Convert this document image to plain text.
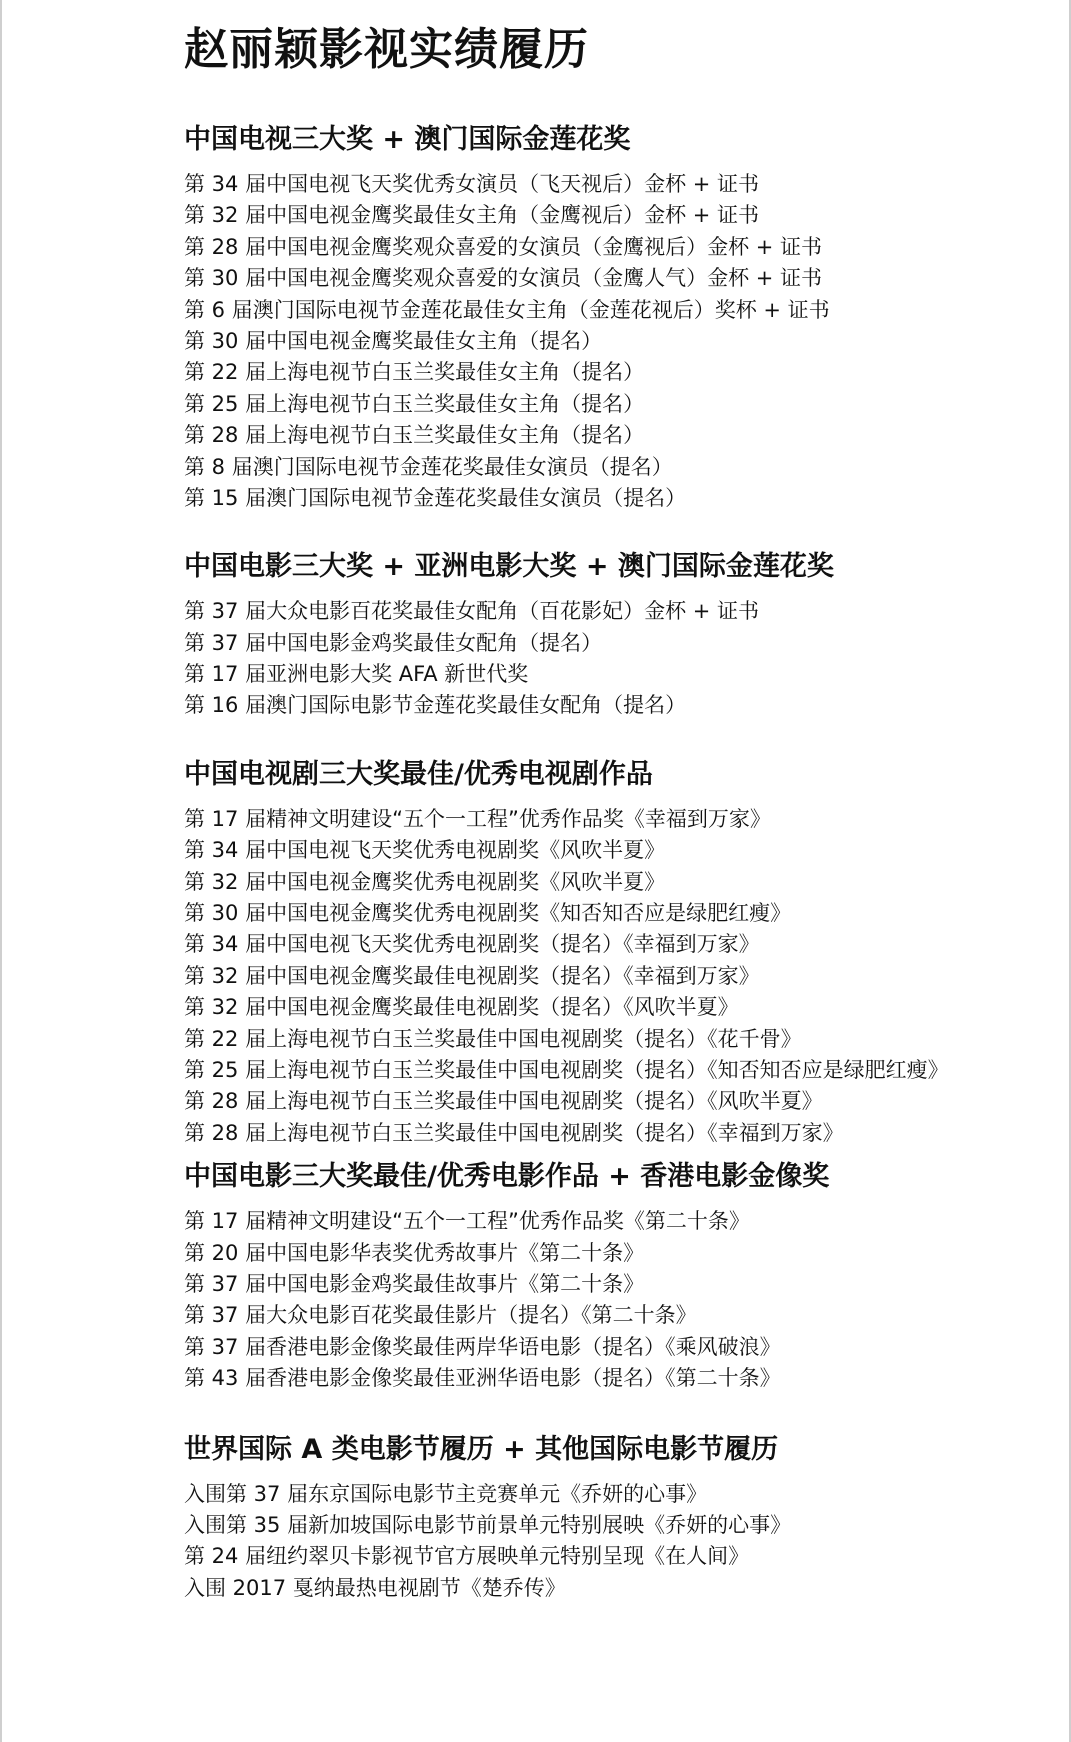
赵丽颖影视实绩履历
中国电视三大奖 + 澳门国际金莲花奖
第 34 届中国电视飞天奖优秀女演员（飞天视后）金杯 + 证书
第 32 届中国电视金鹰奖最佳女主角（金鹰视后）金杯 + 证书
第 28 届中国电视金鹰奖观众喜爱的女演员（金鹰视后）金杯 + 证书
第 30 届中国电视金鹰奖观众喜爱的女演员（金鹰人气）金杯 + 证书
第 6 届澳门国际电视节金莲花最佳女主角（金莲花视后）奖杯 + 证书
第 30 届中国电视金鹰奖最佳女主角（提名）
第 22 届上海电视节白玉兰奖最佳女主角（提名）
第 25 届上海电视节白玉兰奖最佳女主角（提名）
第 28 届上海电视节白玉兰奖最佳女主角（提名）
第 8 届澳门国际电视节金莲花奖最佳女演员（提名）
第 15 届澳门国际电视节金莲花奖最佳女演员（提名）
中国电影三大奖 + 亚洲电影大奖 + 澳门国际金莲花奖
第 37 届大众电影百花奖最佳女配角（百花影妃）金杯 + 证书
第 37 届中国电影金鸡奖最佳女配角（提名）
第 17 届亚洲电影大奖 AFA 新世代奖
第 16 届澳门国际电影节金莲花奖最佳女配角（提名）
中国电视剧三大奖最佳/优秀电视剧作品
第 17 届精神文明建设“五个一工程”优秀作品奖《幸福到万家》
第 34 届中国电视飞天奖优秀电视剧奖《风吹半夏》
第 32 届中国电视金鹰奖优秀电视剧奖《风吹半夏》
第 30 届中国电视金鹰奖优秀电视剧奖《知否知否应是绿肥红瘦》
第 34 届中国电视飞天奖优秀电视剧奖（提名）《幸福到万家》
第 32 届中国电视金鹰奖最佳电视剧奖（提名）《幸福到万家》
第 32 届中国电视金鹰奖最佳电视剧奖（提名）《风吹半夏》
第 22 届上海电视节白玉兰奖最佳中国电视剧奖（提名）《花千骨》
第 25 届上海电视节白玉兰奖最佳中国电视剧奖（提名）《知否知否应是绿肥红瘦》
第 28 届上海电视节白玉兰奖最佳中国电视剧奖（提名）《风吹半夏》
第 28 届上海电视节白玉兰奖最佳中国电视剧奖（提名）《幸福到万家》
中国电影三大奖最佳/优秀电影作品 + 香港电影金像奖
第 17 届精神文明建设“五个一工程”优秀作品奖《第二十条》
第 20 届中国电影华表奖优秀故事片《第二十条》
第 37 届中国电影金鸡奖最佳故事片《第二十条》
第 37 届大众电影百花奖最佳影片（提名）《第二十条》
第 37 届香港电影金像奖最佳两岸华语电影（提名）《乘风破浪》
第 43 届香港电影金像奖最佳亚洲华语电影（提名）《第二十条》
世界国际 A 类电影节履历 + 其他国际电影节履历
入围第 37 届东京国际电影节主竞赛单元《乔妍的心事》
入围第 35 届新加坡国际电影节前景单元特别展映《乔妍的心事》
第 24 届纽约翠贝卡影视节官方展映单元特别呈现《在人间》
入围 2017 戛纳最热电视剧节《楚乔传》
